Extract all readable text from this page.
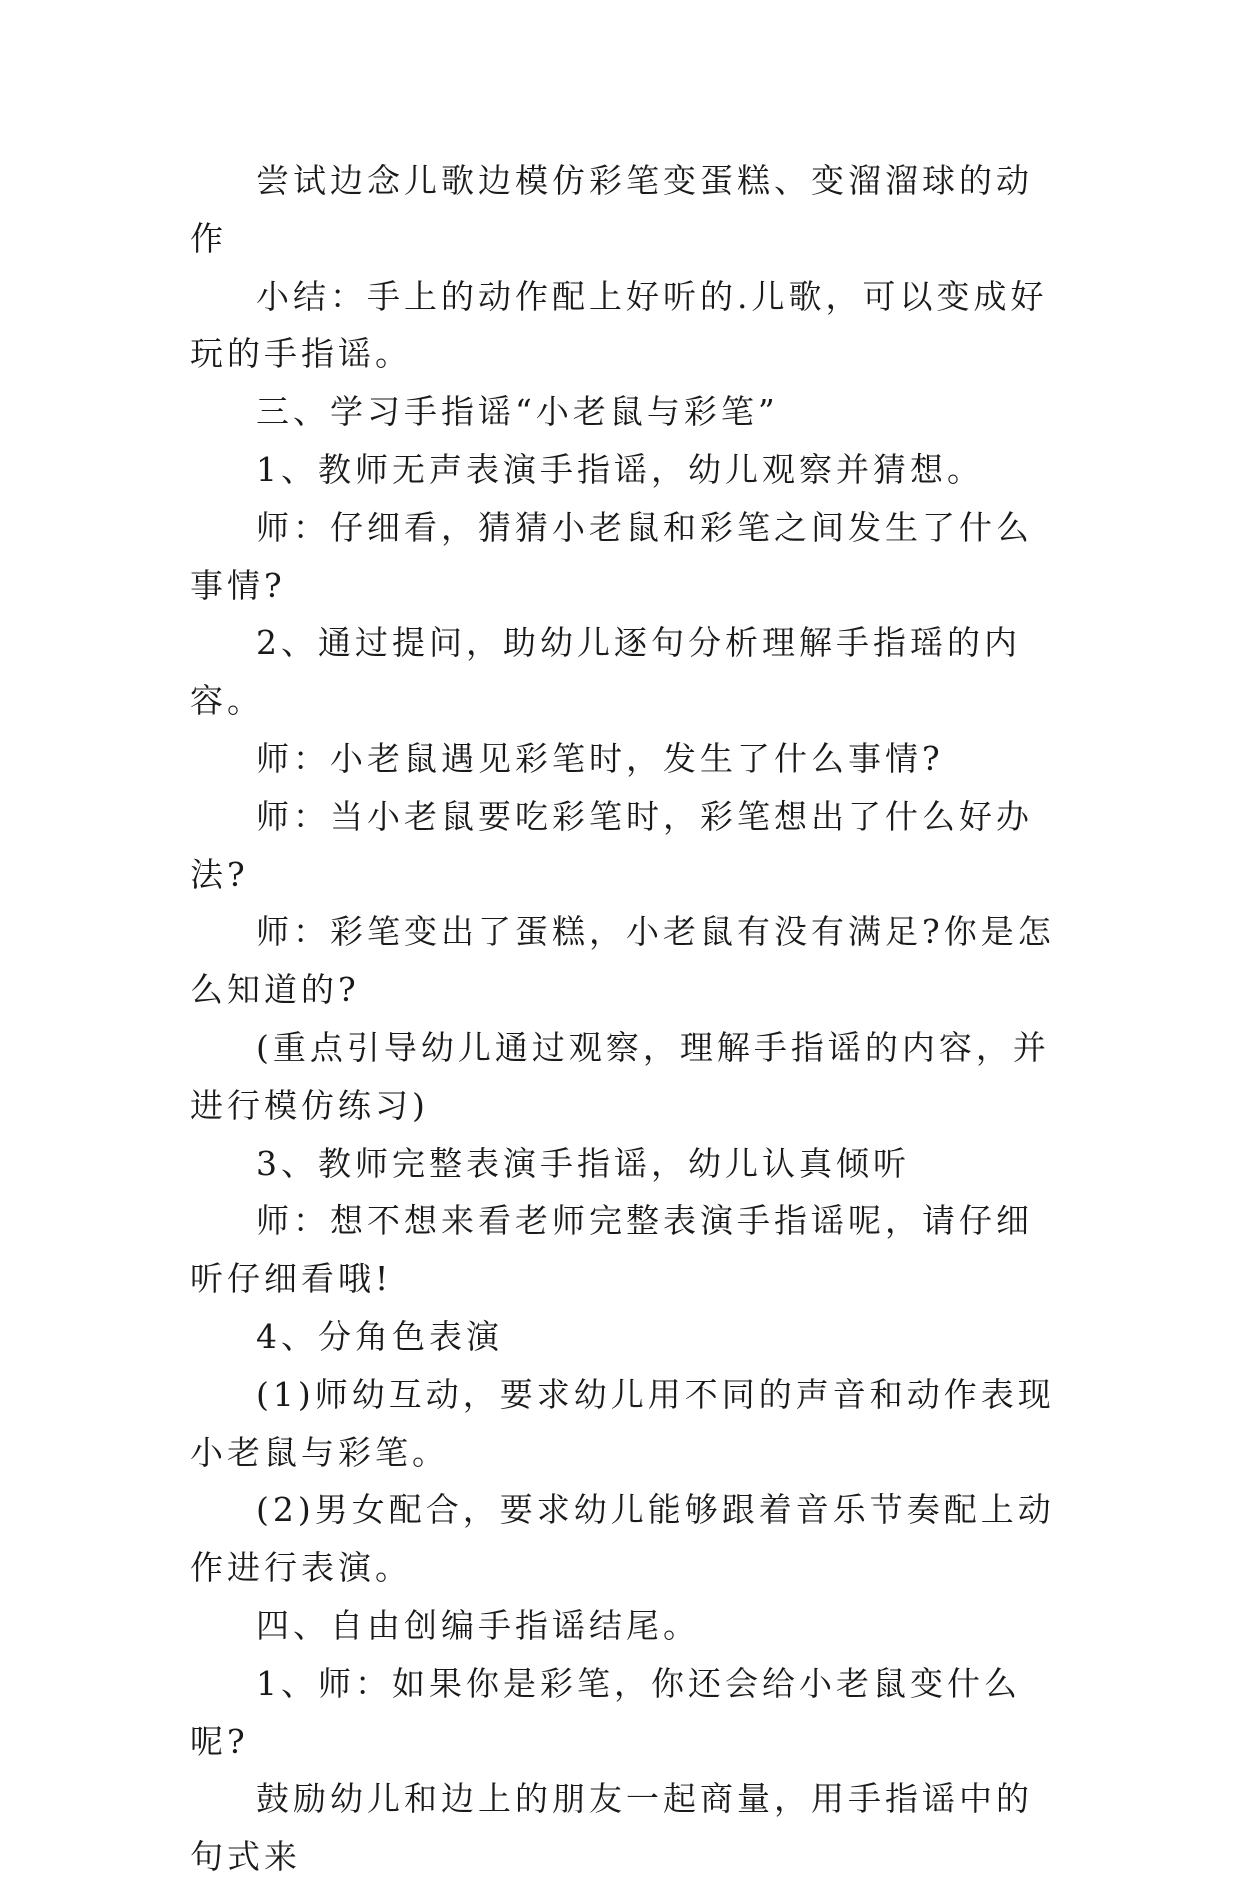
尝试边念儿歌边模仿彩笔变蛋糕、变溜溜球的动作

小结：手上的动作配上好听的.儿歌，可以变成好玩的手指谣。

三、学习手指谣“小老鼠与彩笔”

1、教师无声表演手指谣，幼儿观察并猜想。

师：仔细看，猜猜小老鼠和彩笔之间发生了什么事情?

2、通过提问，助幼儿逐句分析理解手指瑶的内容。

师：小老鼠遇见彩笔时，发生了什么事情?

师：当小老鼠要吃彩笔时，彩笔想出了什么好办法?

师：彩笔变出了蛋糕，小老鼠有没有满足?你是怎么知道的?

(重点引导幼儿通过观察，理解手指谣的内容，并进行模仿练习)

3、教师完整表演手指谣，幼儿认真倾听

师：想不想来看老师完整表演手指谣呢，请仔细听仔细看哦!

4、分角色表演

(1)师幼互动，要求幼儿用不同的声音和动作表现小老鼠与彩笔。

(2)男女配合，要求幼儿能够跟着音乐节奏配上动作进行表演。

四、自由创编手指谣结尾。

1、师：如果你是彩笔，你还会给小老鼠变什么呢?

鼓励幼儿和边上的朋友一起商量，用手指谣中的句式来
